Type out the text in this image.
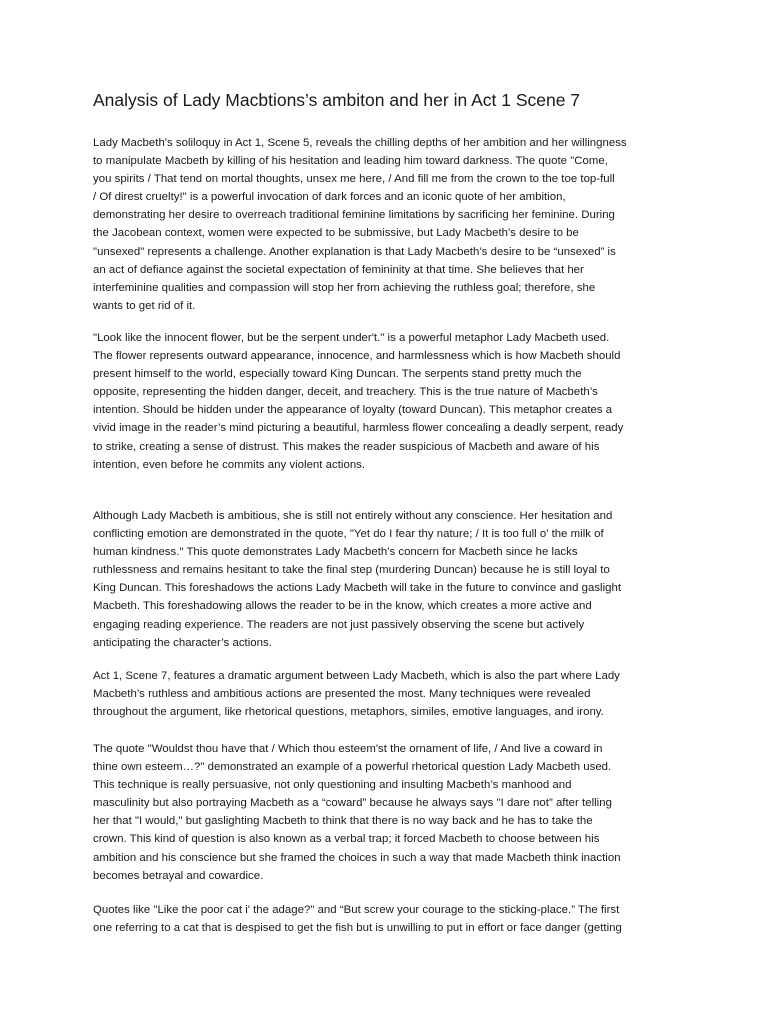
Analysis of Lady Macbtions’s ambiton and her in Act 1 Scene 7

Lady Macbeth's soliloquy in Act 1, Scene 5, reveals the chilling depths of her ambition and her willingness
to manipulate Macbeth by killing of his hesitation and leading him toward darkness. The quote "Come,
you spirits / That tend on mortal thoughts, unsex me here, / And fill me from the crown to the toe top-full
/ Of direst cruelty!" is a powerful invocation of dark forces and an iconic quote of her ambition,
demonstrating her desire to overreach traditional feminine limitations by sacrificing her feminine. During
the Jacobean context, women were expected to be submissive, but Lady Macbeth's desire to be
"unsexed" represents a challenge. Another explanation is that Lady Macbeth’s desire to be “unsexed” is
an act of defiance against the societal expectation of femininity at that time. She believes that her
interfeminine qualities and compassion will stop her from achieving the ruthless goal; therefore, she
wants to get rid of it.

"Look like the innocent flower, but be the serpent under't." is a powerful metaphor Lady Macbeth used.
The flower represents outward appearance, innocence, and harmlessness which is how Macbeth should
present himself to the world, especially toward King Duncan. The serpents stand pretty much the
opposite, representing the hidden danger, deceit, and treachery. This is the true nature of Macbeth’s
intention. Should be hidden under the appearance of loyalty (toward Duncan). This metaphor creates a
vivid image in the reader’s mind picturing a beautiful, harmless flower concealing a deadly serpent, ready
to strike, creating a sense of distrust. This makes the reader suspicious of Macbeth and aware of his
intention, even before he commits any violent actions.

Although Lady Macbeth is ambitious, she is still not entirely without any conscience. Her hesitation and
conflicting emotion are demonstrated in the quote, "Yet do I fear thy nature; / It is too full o' the milk of
human kindness." This quote demonstrates Lady Macbeth's concern for Macbeth since he lacks
ruthlessness and remains hesitant to take the final step (murdering Duncan) because he is still loyal to
King Duncan. This foreshadows the actions Lady Macbeth will take in the future to convince and gaslight
Macbeth. This foreshadowing allows the reader to be in the know, which creates a more active and
engaging reading experience. The readers are not just passively observing the scene but actively
anticipating the character’s actions.

Act 1, Scene 7, features a dramatic argument between Lady Macbeth, which is also the part where Lady
Macbeth’s ruthless and ambitious actions are presented the most. Many techniques were revealed
throughout the argument, like rhetorical questions, metaphors, similes, emotive languages, and irony.

The quote "Wouldst thou have that / Which thou esteem'st the ornament of life, / And live a coward in
thine own esteem…?" demonstrated an example of a powerful rhetorical question Lady Macbeth used.
This technique is really persuasive, not only questioning and insulting Macbeth’s manhood and
masculinity but also portraying Macbeth as a “coward” because he always says "I dare not” after telling
her that "I would," but gaslighting Macbeth to think that there is no way back and he has to take the
crown. This kind of question is also known as a verbal trap; it forced Macbeth to choose between his
ambition and his conscience but she framed the choices in such a way that made Macbeth think inaction
becomes betrayal and cowardice.

Quotes like "Like the poor cat i' the adage?" and “But screw your courage to the sticking-place.” The first
one referring to a cat that is despised to get the fish but is unwilling to put in effort or face danger (getting
